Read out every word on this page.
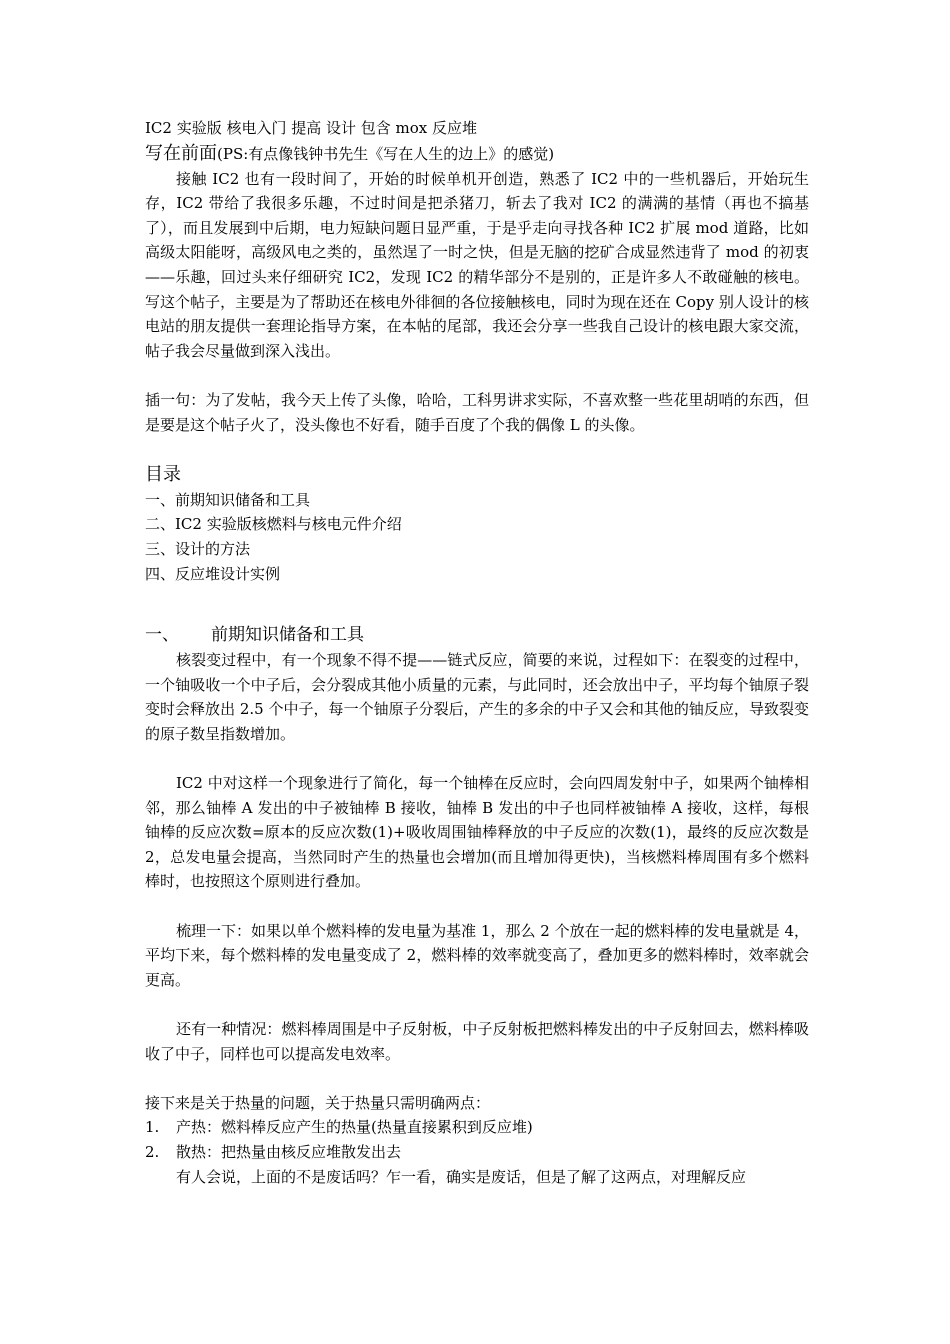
IC2 实验版 核电入门 提高 设计 包含 mox 反应堆

写在前面(PS:有点像钱钟书先生《写在人生的边上》的感觉)

接触 IC2 也有一段时间了，开始的时候单机开创造，熟悉了 IC2 中的一些机器后，开始玩生存，IC2 带给了我很多乐趣，不过时间是把杀猪刀，斩去了我对 IC2 的满满的基情（再也不搞基了），而且发展到中后期，电力短缺问题日显严重，于是乎走向寻找各种 IC2 扩展 mod 道路，比如高级太阳能呀，高级风电之类的，虽然逞了一时之快，但是无脑的挖矿合成显然违背了 mod 的初衷——乐趣，回过头来仔细研究 IC2，发现 IC2 的精华部分不是别的，正是许多人不敢碰触的核电。写这个帖子，主要是为了帮助还在核电外徘徊的各位接触核电，同时为现在还在 Copy 别人设计的核电站的朋友提供一套理论指导方案，在本帖的尾部，我还会分享一些我自己设计的核电跟大家交流，帖子我会尽量做到深入浅出。

插一句：为了发帖，我今天上传了头像，哈哈，工科男讲求实际，不喜欢整一些花里胡哨的东西，但是要是这个帖子火了，没头像也不好看，随手百度了个我的偶像 L 的头像。

目录

一、前期知识储备和工具

二、IC2 实验版核燃料与核电元件介绍

三、设计的方法

四、反应堆设计实例

一、 前期知识储备和工具

核裂变过程中，有一个现象不得不提——链式反应，简要的来说，过程如下：在裂变的过程中，一个铀吸收一个中子后，会分裂成其他小质量的元素，与此同时，还会放出中子，平均每个铀原子裂变时会释放出 2.5 个中子，每一个铀原子分裂后，产生的多余的中子又会和其他的铀反应，导致裂变的原子数呈指数增加。

IC2 中对这样一个现象进行了简化，每一个铀棒在反应时，会向四周发射中子，如果两个铀棒相邻，那么铀棒 A 发出的中子被铀棒 B 接收，铀棒 B 发出的中子也同样被铀棒 A 接收，这样，每根铀棒的反应次数=原本的反应次数(1)+吸收周围铀棒释放的中子反应的次数(1)，最终的反应次数是 2，总发电量会提高，当然同时产生的热量也会增加(而且增加得更快)，当核燃料棒周围有多个燃料棒时，也按照这个原则进行叠加。

梳理一下：如果以单个燃料棒的发电量为基准 1，那么 2 个放在一起的燃料棒的发电量就是 4，平均下来，每个燃料棒的发电量变成了 2，燃料棒的效率就变高了，叠加更多的燃料棒时，效率就会更高。

还有一种情况：燃料棒周围是中子反射板，中子反射板把燃料棒发出的中子反射回去，燃料棒吸收了中子，同样也可以提高发电效率。

接下来是关于热量的问题，关于热量只需明确两点：

1.	产热：燃料棒反应产生的热量(热量直接累积到反应堆)
2.	散热：把热量由核反应堆散发出去

有人会说，上面的不是废话吗？乍一看，确实是废话，但是了解了这两点，对理解反应
